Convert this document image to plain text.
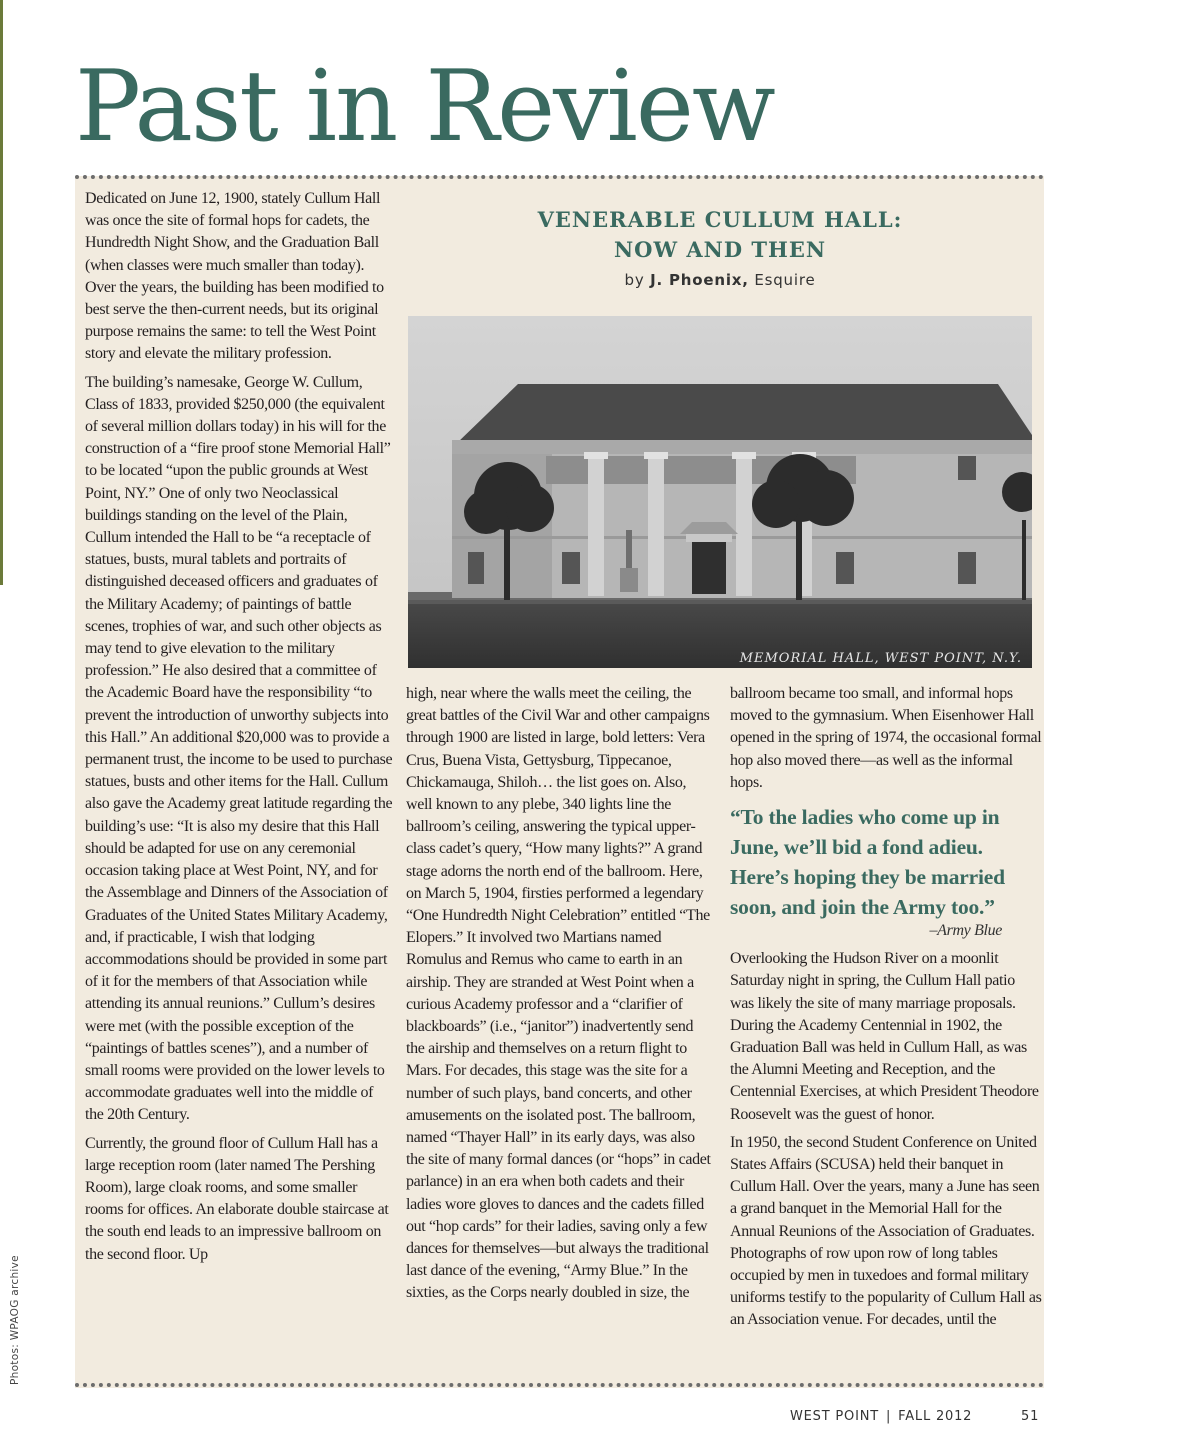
Past in Review
VENERABLE CULLUM HALL:
NOW AND THEN
by J. Phoenix, Esquire
MEMORIAL HALL, WEST POINT, N.Y.

Dedicated on June 12, 1900, stately Cullum Hall was once the site of formal hops for cadets, the Hundredth Night Show, and the Graduation Ball (when classes were much smaller than today). Over the years, the building has been modified to best serve the then-current needs, but its original purpose remains the same: to tell the West Point story and elevate the military profession.

The building’s namesake, George W. Cullum, Class of 1833, provided $250,000 (the equivalent of several million dollars today) in his will for the construction of a “fire proof stone Memorial Hall” to be located “upon the public grounds at West Point, NY.” One of only two Neoclassical buildings standing on the level of the Plain, Cullum intended the Hall to be “a receptacle of statues, busts, mural tablets and portraits of distinguished deceased officers and graduates of the Military Academy; of paintings of battle scenes, trophies of war, and such other objects as may tend to give elevation to the military profession.” He also desired that a committee of the Academic Board have the responsibility “to prevent the introduction of unworthy subjects into this Hall.” An additional $20,000 was to provide a permanent trust, the income to be used to purchase statues, busts and other items for the Hall. Cullum also gave the Academy great latitude regarding the building’s use: “It is also my desire that this Hall should be adapted for use on any ceremonial occasion taking place at West Point, NY, and for the Assemblage and Dinners of the Association of Graduates of the United States Military Academy, and, if practicable, I wish that lodging accommodations should be provided in some part of it for the members of that Association while attending its annual reunions.” Cullum’s desires were met (with the possible exception of the “paintings of battles scenes”), and a number of small rooms were provided on the lower levels to accommodate graduates well into the middle of the 20th Century.

Currently, the ground floor of Cullum Hall has a large reception room (later named The Pershing Room), large cloak rooms, and some smaller rooms for offices. An elaborate double staircase at the south end leads to an impressive ballroom on the second floor. Up

high, near where the walls meet the ceiling, the great battles of the Civil War and other campaigns through 1900 are listed in large, bold letters: Vera Crus, Buena Vista, Gettysburg, Tippecanoe, Chickamauga, Shiloh… the list goes on. Also, well known to any plebe, 340 lights line the ballroom’s ceiling, answering the typical upper-class cadet’s query, “How many lights?” A grand stage adorns the north end of the ballroom. Here, on March 5, 1904, firsties performed a legendary “One Hundredth Night Celebration” entitled “The Elopers.” It involved two Martians named Romulus and Remus who came to earth in an airship. They are stranded at West Point when a curious Academy professor and a “clarifier of blackboards” (i.e., “janitor”) inadvertently send the airship and themselves on a return flight to Mars. For decades, this stage was the site for a number of such plays, band concerts, and other amusements on the isolated post. The ballroom, named “Thayer Hall” in its early days, was also the site of many formal dances (or “hops” in cadet parlance) in an era when both cadets and their ladies wore gloves to dances and the cadets filled out “hop cards” for their ladies, saving only a few dances for themselves—but always the traditional last dance of the evening, “Army Blue.” In the sixties, as the Corps nearly doubled in size, the

ballroom became too small, and informal hops moved to the gymnasium. When Eisenhower Hall opened in the spring of 1974, the occasional formal hop also moved there—as well as the informal hops.

“To the ladies who come up in June, we’ll bid a fond adieu. Here’s hoping they be married soon, and join the Army too.”
–Army Blue

Overlooking the Hudson River on a moonlit Saturday night in spring, the Cullum Hall patio was likely the site of many marriage proposals. During the Academy Centennial in 1902, the Graduation Ball was held in Cullum Hall, as was the Alumni Meeting and Reception, and the Centennial Exercises, at which President Theodore Roosevelt was the guest of honor.

In 1950, the second Student Conference on United States Affairs (SCUSA) held their banquet in Cullum Hall. Over the years, many a June has seen a grand banquet in the Memorial Hall for the Annual Reunions of the Association of Graduates. Photographs of row upon row of long tables occupied by men in tuxedoes and formal military uniforms testify to the popularity of Cullum Hall as an Association venue. For decades, until the

Photos: WPAOG archive
WEST POINT | FALL 2012	51
